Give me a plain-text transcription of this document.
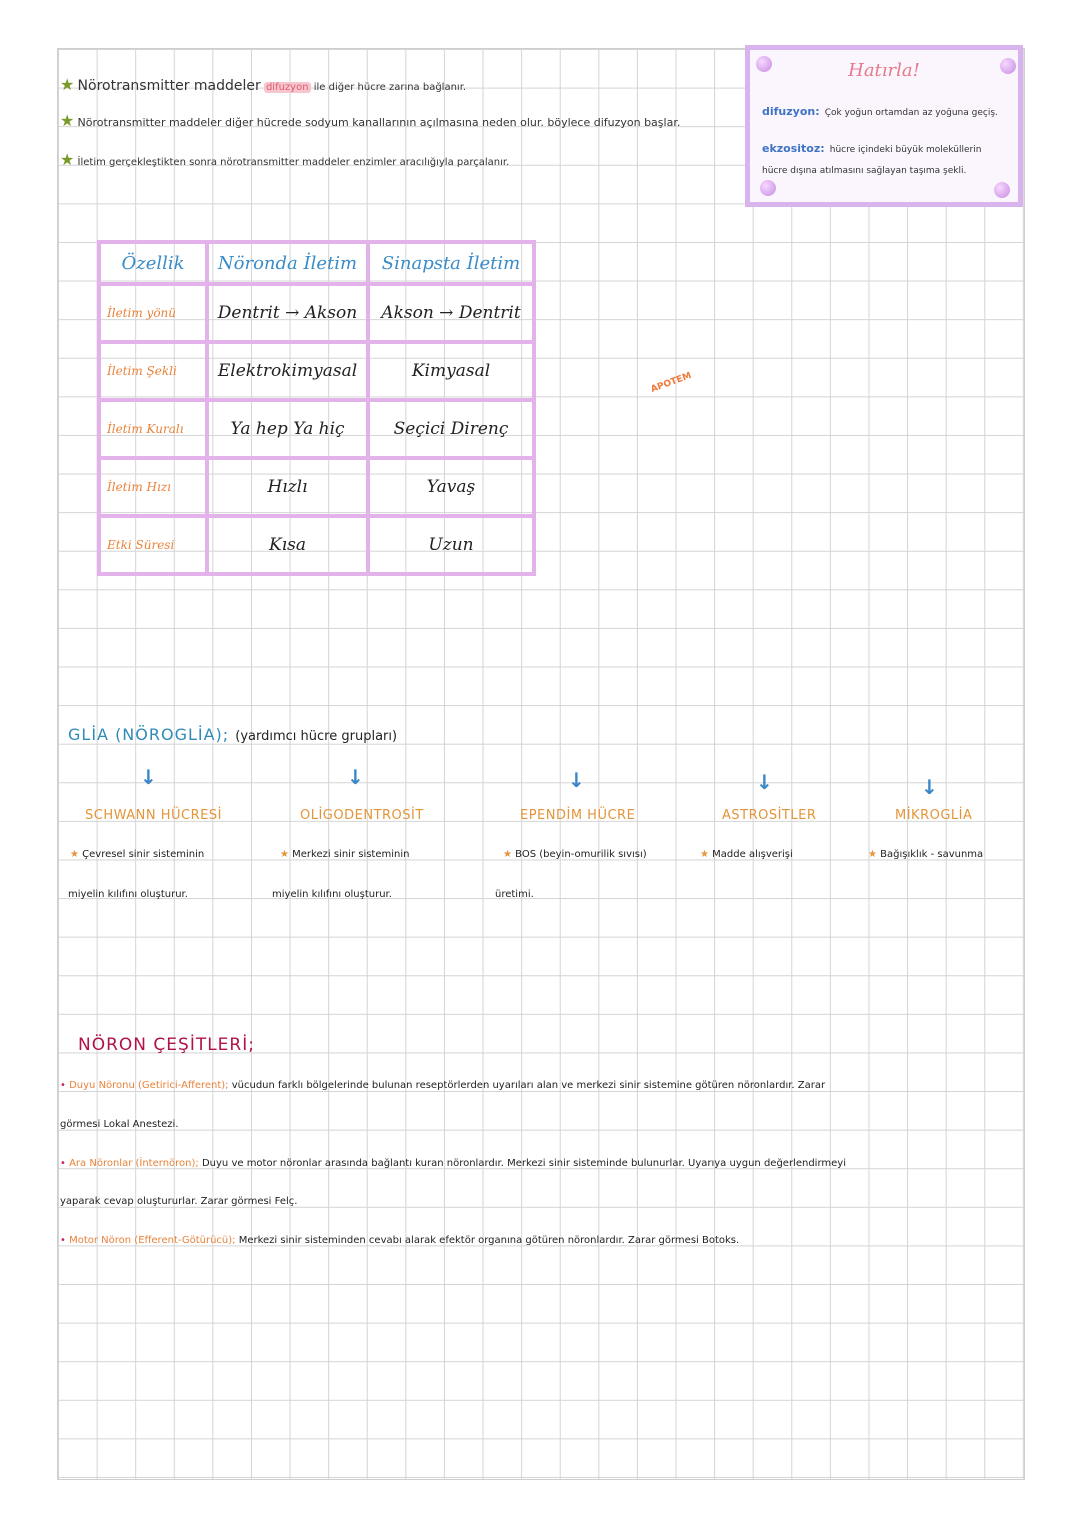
★ Nörotransmitter maddeler difuzyon ile diğer hücre zarına bağlanır.
★ Nörotransmitter maddeler diğer hücrede sodyum kanallarının açılmasına neden olur. böylece difuzyon başlar.
★ İletim gerçekleştikten sonra nörotransmitter maddeler enzimler aracılığıyla parçalanır.
Hatırla!
difuzyon: Çok yoğun ortamdan az yoğuna geçiş.
ekzositoz: hücre içindeki büyük moleküllerin hücre dışına atılmasını sağlayan taşıma şekli.
Özellik	Nöronda İletim	Sinapsta İletim
İletim yönü	Dentrit → Akson	Akson → Dentrit
İletim Şekli	Elektrokimyasal	Kimyasal
İletim Kuralı	Ya hep Ya hiç	Seçici Direnç
İletim Hızı	Hızlı	Yavaş
Etki Süresi	Kısa	Uzun
APOTEM
GLİA (NÖROGLİA); (yardımcı hücre grupları)
↓	↓	↓	↓	↓
SCHWANN HÜCRESİ	OLİGODENTROSİT	EPENDİM HÜCRE	ASTROSİTLER	MİKROGLİA
★ Çevresel sinir sisteminin
miyelin kılıfını oluşturur.
★ Merkezi sinir sisteminin
miyelin kılıfını oluşturur.
★ BOS (beyin-omurilik sıvısı)
üretimi.
★ Madde alışverişi	★ Bağışıklık - savunma
NÖRON ÇEŞİTLERİ;
• Duyu Nöronu (Getirici-Afferent); vücudun farklı bölgelerinde bulunan reseptörlerden uyarıları alan ve merkezi sinir sistemine götüren nöronlardır. Zarar
görmesi Lokal Anestezi.
• Ara Nöronlar (İnternöron); Duyu ve motor nöronlar arasında bağlantı kuran nöronlardır. Merkezi sinir sisteminde bulunurlar. Uyarıya uygun değerlendirmeyi
yaparak cevap oluştururlar. Zarar görmesi Felç.
• Motor Nöron (Efferent-Götürücü); Merkezi sinir sisteminden cevabı alarak efektör organına götüren nöronlardır. Zarar görmesi Botoks.
